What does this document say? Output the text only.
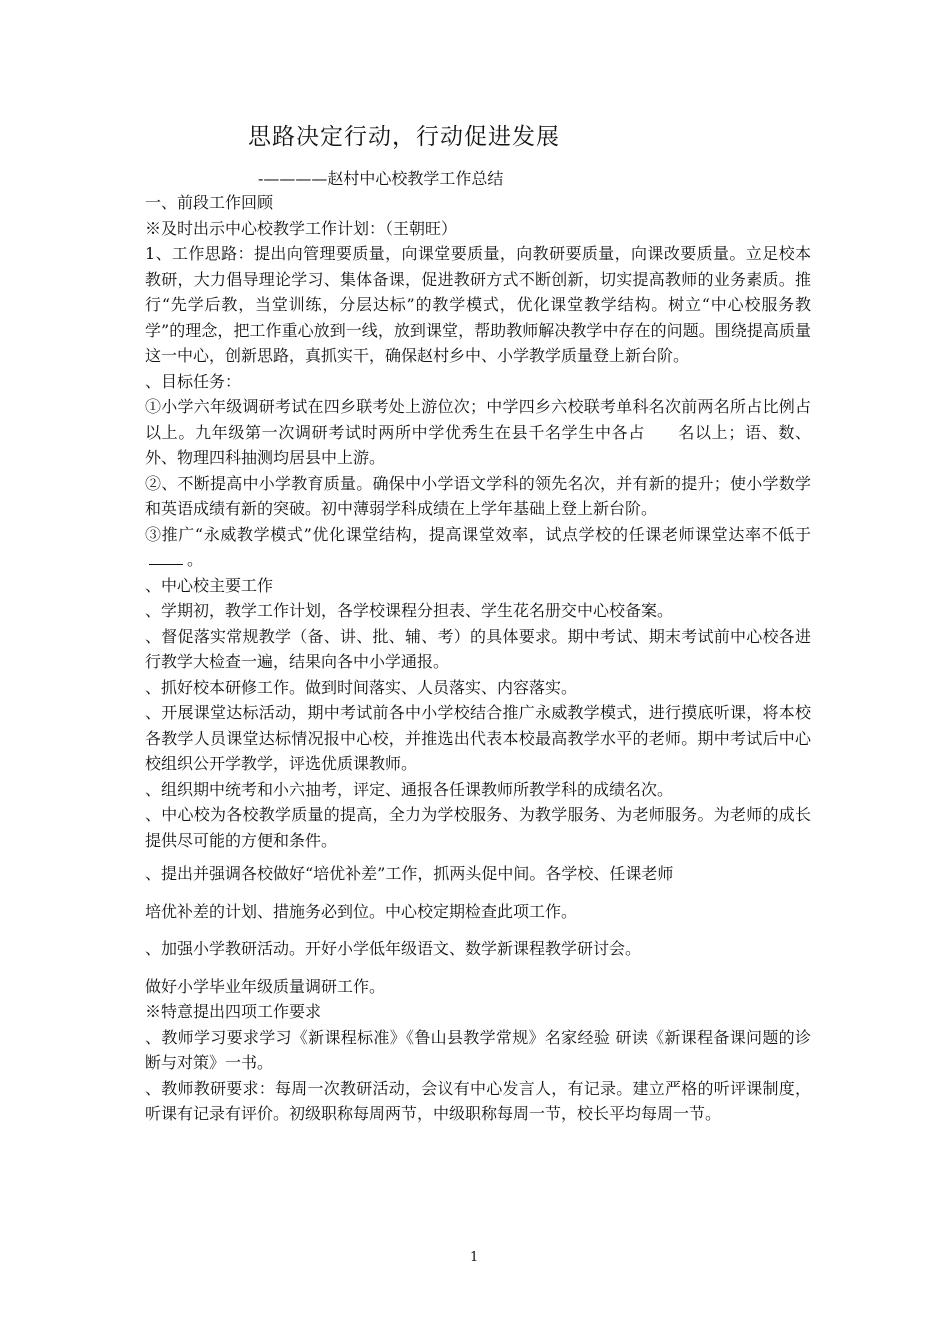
思路决定行动，行动促进发展
-————赵村中心校教学工作总结

一、前段工作回顾

※及时出示中心校教学工作计划：（王朝旺）

1、工作思路：提出向管理要质量，向课堂要质量，向教研要质量，向课改要质量。立足校本教研，大力倡导理论学习、集体备课，促进教研方式不断创新，切实提高教师的业务素质。推行“先学后教，当堂训练，分层达标”的教学模式，优化课堂教学结构。树立“中心校服务教学”的理念，把工作重心放到一线，放到课堂，帮助教师解决教学中存在的问题。围绕提高质量这一中心，创新思路，真抓实干，确保赵村乡中、小学教学质量登上新台阶。

、目标任务：

①小学六年级调研考试在四乡联考处上游位次；中学四乡六校联考单科名次前两名所占比例占　　以上。九年级第一次调研考试时两所中学优秀生在县千名学生中各占　　名以上；语、数、外、物理四科抽测均居县中上游。

②、不断提高中小学教育质量。确保中小学语文学科的领先名次，并有新的提升；使小学数学和英语成绩有新的突破。初中薄弱学科成绩在上学年基础上登上新台阶。

③推广“永威教学模式”优化课堂结构，提高课堂效率，试点学校的任课老师课堂达率不低于。

、中心校主要工作

、学期初，教学工作计划，各学校课程分担表、学生花名册交中心校备案。

、督促落实常规教学（备、讲、批、辅、考）的具体要求。期中考试、期末考试前中心校各进行教学大检查一遍，结果向各中小学通报。

、抓好校本研修工作。做到时间落实、人员落实、内容落实。

、开展课堂达标活动，期中考试前各中小学校结合推广永威教学模式，进行摸底听课，将本校各教学人员课堂达标情况报中心校，并推选出代表本校最高教学水平的老师。期中考试后中心校组织公开学教学，评选优质课教师。

、组织期中统考和小六抽考，评定、通报各任课教师所教学科的成绩名次。

、中心校为各校教学质量的提高，全力为学校服务、为教学服务、为老师服务。为老师的成长提供尽可能的方便和条件。

、提出并强调各校做好“培优补差”工作，抓两头促中间。各学校、任课老师

培优补差的计划、措施务必到位。中心校定期检查此项工作。

、加强小学教研活动。开好小学低年级语文、数学新课程教学研讨会。

做好小学毕业年级质量调研工作。

※特意提出四项工作要求

、教师学习要求学习《新课程标准》《鲁山县教学常规》名家经验 研读《新课程备课问题的诊断与对策》一书。

、教师教研要求：每周一次教研活动，会议有中心发言人，有记录。建立严格的听评课制度，听课有记录有评价。初级职称每周两节，中级职称每周一节，校长平均每周一节。

1
